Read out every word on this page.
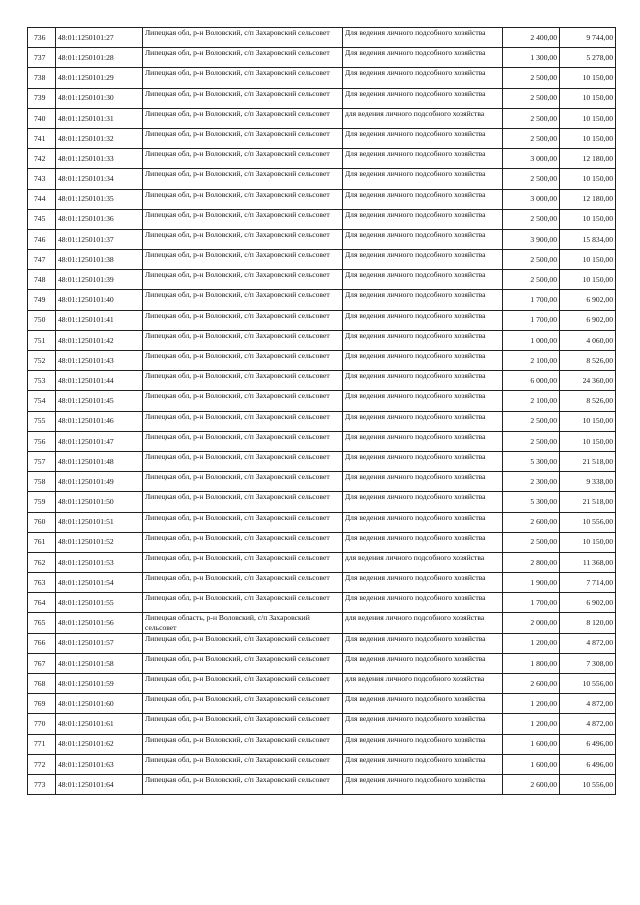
736	48:01:1250101:27	Липецкая обл, р-н Воловский, с/п Захаровский сельсовет	Для ведения личного подсобного хозяйства	2 400,00	9 744,00
737	48:01:1250101:28	Липецкая обл, р-н Воловский, с/п Захаровский сельсовет	Для ведения личного подсобного хозяйства	1 300,00	5 278,00
738	48:01:1250101:29	Липецкая обл, р-н Воловский, с/п Захаровский сельсовет	Для ведения личного подсобного хозяйства	2 500,00	10 150,00
739	48:01:1250101:30	Липецкая обл, р-н Воловский, с/п Захаровский сельсовет	Для ведения личного подсобного хозяйства	2 500,00	10 150,00
740	48:01:1250101:31	Липецкая обл, р-н Воловский, с/п Захаровский сельсовет	для ведения личного подсобного хозяйства	2 500,00	10 150,00
741	48:01:1250101:32	Липецкая обл, р-н Воловский, с/п Захаровский сельсовет	Для ведения личного подсобного хозяйства	2 500,00	10 150,00
742	48:01:1250101:33	Липецкая обл, р-н Воловский, с/п Захаровский сельсовет	Для ведения личного подсобного хозяйства	3 000,00	12 180,00
743	48:01:1250101:34	Липецкая обл, р-н Воловский, с/п Захаровский сельсовет	Для ведения личного подсобного хозяйства	2 500,00	10 150,00
744	48:01:1250101:35	Липецкая обл, р-н Воловский, с/п Захаровский сельсовет	Для ведения личного подсобного хозяйства	3 000,00	12 180,00
745	48:01:1250101:36	Липецкая обл, р-н Воловский, с/п Захаровский сельсовет	Для ведения личного подсобного хозяйства	2 500,00	10 150,00
746	48:01:1250101:37	Липецкая обл, р-н Воловский, с/п Захаровский сельсовет	Для ведения личного подсобного хозяйства	3 900,00	15 834,00
747	48:01:1250101:38	Липецкая обл, р-н Воловский, с/п Захаровский сельсовет	Для ведения личного подсобного хозяйства	2 500,00	10 150,00
748	48:01:1250101:39	Липецкая обл, р-н Воловский, с/п Захаровский сельсовет	Для ведения личного подсобного хозяйства	2 500,00	10 150,00
749	48:01:1250101:40	Липецкая обл, р-н Воловский, с/п Захаровский сельсовет	Для ведения личного подсобного хозяйства	1 700,00	6 902,00
750	48:01:1250101:41	Липецкая обл, р-н Воловский, с/п Захаровский сельсовет	Для ведения личного подсобного хозяйства	1 700,00	6 902,00
751	48:01:1250101:42	Липецкая обл, р-н Воловский, с/п Захаровский сельсовет	Для ведения личного подсобного хозяйства	1 000,00	4 060,00
752	48:01:1250101:43	Липецкая обл, р-н Воловский, с/п Захаровский сельсовет	Для ведения личного подсобного хозяйства	2 100,00	8 526,00
753	48:01:1250101:44	Липецкая обл, р-н Воловский, с/п Захаровский сельсовет	Для ведения личного подсобного хозяйства	6 000,00	24 360,00
754	48:01:1250101:45	Липецкая обл, р-н Воловский, с/п Захаровский сельсовет	Для ведения личного подсобного хозяйства	2 100,00	8 526,00
755	48:01:1250101:46	Липецкая обл, р-н Воловский, с/п Захаровский сельсовет	Для ведения личного подсобного хозяйства	2 500,00	10 150,00
756	48:01:1250101:47	Липецкая обл, р-н Воловский, с/п Захаровский сельсовет	Для ведения личного подсобного хозяйства	2 500,00	10 150,00
757	48:01:1250101:48	Липецкая обл, р-н Воловский, с/п Захаровский сельсовет	Для ведения личного подсобного хозяйства	5 300,00	21 518,00
758	48:01:1250101:49	Липецкая обл, р-н Воловский, с/п Захаровский сельсовет	Для ведения личного подсобного хозяйства	2 300,00	9 338,00
759	48:01:1250101:50	Липецкая обл, р-н Воловский, с/п Захаровский сельсовет	Для ведения личного подсобного хозяйства	5 300,00	21 518,00
760	48:01:1250101:51	Липецкая обл, р-н Воловский, с/п Захаровский сельсовет	Для ведения личного подсобного хозяйства	2 600,00	10 556,00
761	48:01:1250101:52	Липецкая обл, р-н Воловский, с/п Захаровский сельсовет	Для ведения личного подсобного хозяйства	2 500,00	10 150,00
762	48:01:1250101:53	Липецкая обл, р-н Воловский, с/п Захаровский сельсовет	для ведения личного подсобного хозяйства	2 800,00	11 368,00
763	48:01:1250101:54	Липецкая обл, р-н Воловский, с/п Захаровский сельсовет	Для ведения личного подсобного хозяйства	1 900,00	7 714,00
764	48:01:1250101:55	Липецкая обл, р-н Воловский, с/п Захаровский сельсовет	Для ведения личного подсобного хозяйства	1 700,00	6 902,00
765	48:01:1250101:56	Липецкая область, р-н Воловский, с/п Захаровский сельсовет	для ведения личного подсобного хозяйства	2 000,00	8 120,00
766	48:01:1250101:57	Липецкая обл, р-н Воловский, с/п Захаровский сельсовет	Для ведения личного подсобного хозяйства	1 200,00	4 872,00
767	48:01:1250101:58	Липецкая обл, р-н Воловский, с/п Захаровский сельсовет	Для ведения личного подсобного хозяйства	1 800,00	7 308,00
768	48:01:1250101:59	Липецкая обл, р-н Воловский, с/п Захаровский сельсовет	для ведения личного подсобного хозяйства	2 600,00	10 556,00
769	48:01:1250101:60	Липецкая обл, р-н Воловский, с/п Захаровский сельсовет	Для ведения личного подсобного хозяйства	1 200,00	4 872,00
770	48:01:1250101:61	Липецкая обл, р-н Воловский, с/п Захаровский сельсовет	Для ведения личного подсобного хозяйства	1 200,00	4 872,00
771	48:01:1250101:62	Липецкая обл, р-н Воловский, с/п Захаровский сельсовет	Для ведения личного подсобного хозяйства	1 600,00	6 496,00
772	48:01:1250101:63	Липецкая обл, р-н Воловский, с/п Захаровский сельсовет	Для ведения личного подсобного хозяйства	1 600,00	6 496,00
773	48:01:1250101:64	Липецкая обл, р-н Воловский, с/п Захаровский сельсовет	Для ведения личного подсобного хозяйства	2 600,00	10 556,00
